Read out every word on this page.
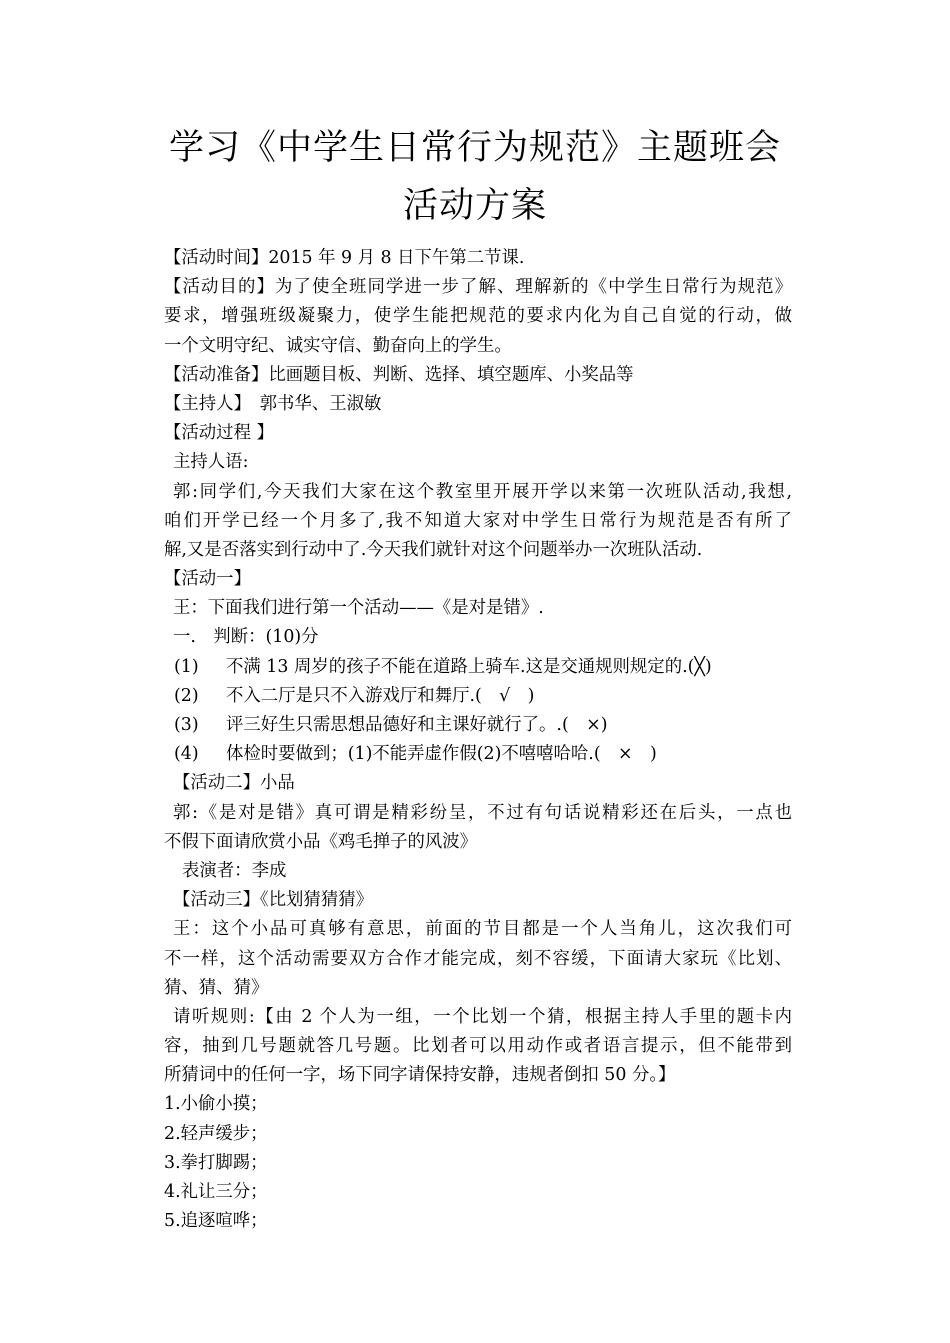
学习《中学生日常行为规范》主题班会
活动方案
【活动时间】2015 年 9 月 8 日下午第二节课.
【活动目的】为了使全班同学进一步了解、理解新的《中学生日常行为规范》
要求，增强班级凝聚力，使学生能把规范的要求内化为自己自觉的行动，做
一个文明守纪、诚实守信、勤奋向上的学生。
【活动准备】比画题目板、判断、选择、填空题库、小奖品等
【主持人】　郭书华、王淑敏
【活动过程 】
主持人语:
郭:同学们,今天我们大家在这个教室里开展开学以来第一次班队活动,我想,
咱们开学已经一个月多了,我不知道大家对中学生日常行为规范是否有所了
解,又是否落实到行动中了.今天我们就针对这个问题举办一次班队活动.
【活动一】
王：下面我们进行第一个活动——《是对是错》.
一.　判断：(10)分
(1) 不满 13 周岁的孩子不能在道路上骑车.这是交通规则规定的.(╳)
(2) 不入二厅是只不入游戏厅和舞厅.(　√　)
(3) 评三好生只需思想品德好和主课好就行了。.(　×)
(4) 体检时要做到；(1)不能弄虚作假(2)不嘻嘻哈哈.(　×　)
【活动二】小品
郭:《是对是错》真可谓是精彩纷呈，不过有句话说精彩还在后头，一点也
不假下面请欣赏小品《鸡毛掸子的风波》
表演者：李成
【活动三】《比划猜猜猜》
王：这个小品可真够有意思，前面的节目都是一个人当角儿，这次我们可
不一样，这个活动需要双方合作才能完成，刻不容缓，下面请大家玩《比划、
猜、猜、猜》
请听规则:【由 2 个人为一组，一个比划一个猜，根据主持人手里的题卡内
容，抽到几号题就答几号题。比划者可以用动作或者语言提示，但不能带到
所猜词中的任何一字，场下同字请保持安静，违规者倒扣 50 分。】
1.小偷小摸；
2.轻声缓步；
3.拳打脚踢；
4.礼让三分；
5.追逐喧哗；
